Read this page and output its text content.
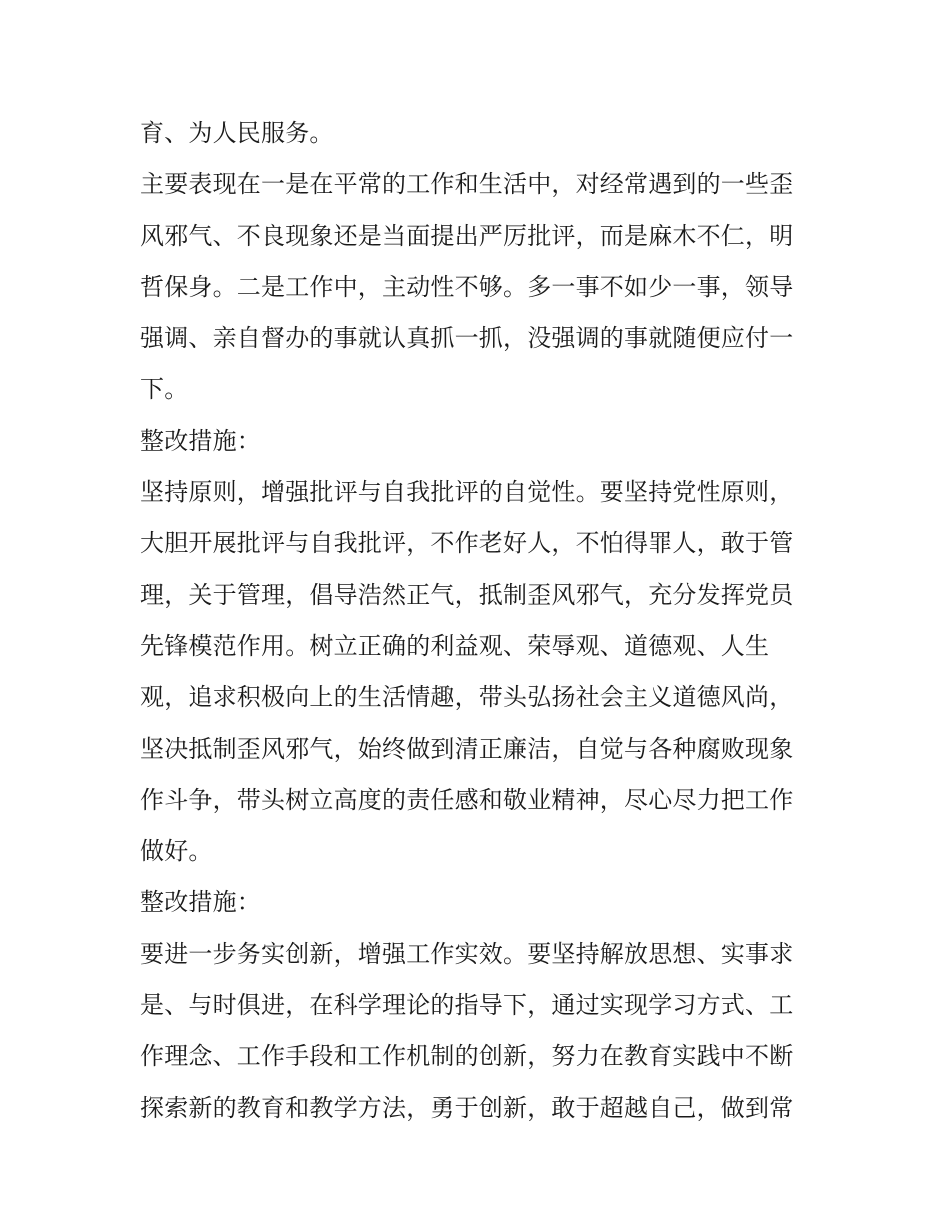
育、为人民服务。
主要表现在一是在平常的工作和生活中，对经常遇到的一些歪
风邪气、不良现象还是当面提出严厉批评，而是麻木不仁，明
哲保身。二是工作中，主动性不够。多一事不如少一事，领导
强调、亲自督办的事就认真抓一抓，没强调的事就随便应付一
下。
整改措施：
坚持原则，增强批评与自我批评的自觉性。要坚持党性原则，
大胆开展批评与自我批评，不作老好人，不怕得罪人，敢于管
理，关于管理，倡导浩然正气，抵制歪风邪气，充分发挥党员
先锋模范作用。树立正确的利益观、荣辱观、道德观、人生
观，追求积极向上的生活情趣，带头弘扬社会主义道德风尚，
坚决抵制歪风邪气，始终做到清正廉洁，自觉与各种腐败现象
作斗争，带头树立高度的责任感和敬业精神，尽心尽力把工作
做好。
整改措施：
要进一步务实创新，增强工作实效。要坚持解放思想、实事求
是、与时俱进，在科学理论的指导下，通过实现学习方式、工
作理念、工作手段和工作机制的创新，努力在教育实践中不断
探索新的教育和教学方法，勇于创新，敢于超越自己，做到常
